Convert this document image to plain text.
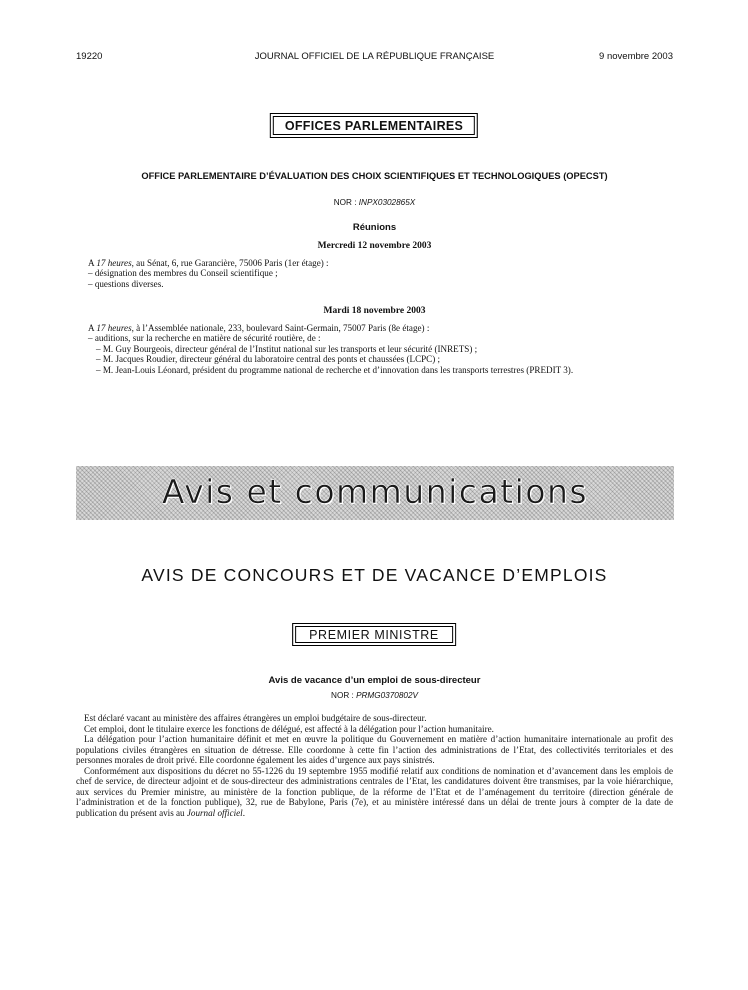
19220	JOURNAL OFFICIEL DE LA RÉPUBLIQUE FRANÇAISE	9 novembre 2003
OFFICES PARLEMENTAIRES
OFFICE PARLEMENTAIRE D’ÉVALUATION DES CHOIX SCIENTIFIQUES ET TECHNOLOGIQUES (OPECST)
NOR : INPX0302865X
Réunions
Mercredi 12 novembre 2003
A 17 heures, au Sénat, 6, rue Garancière, 75006 Paris (1er étage) :
– désignation des membres du Conseil scientifique ;
– questions diverses.
Mardi 18 novembre 2003
A 17 heures, à l’Assemblée nationale, 233, boulevard Saint-Germain, 75007 Paris (8e étage) :
– auditions, sur la recherche en matière de sécurité routière, de :
– M. Guy Bourgeois, directeur général de l’Institut national sur les transports et leur sécurité (INRETS) ;
– M. Jacques Roudier, directeur général du laboratoire central des ponts et chaussées (LCPC) ;
– M. Jean-Louis Léonard, président du programme national de recherche et d’innovation dans les transports terrestres (PREDIT 3).
Avis et communications
AVIS DE CONCOURS ET DE VACANCE D’EMPLOIS
PREMIER MINISTRE
Avis de vacance d’un emploi de sous-directeur
NOR : PRMG0370802V
Est déclaré vacant au ministère des affaires étrangères un emploi budgétaire de sous-directeur.
Cet emploi, dont le titulaire exerce les fonctions de délégué, est affecté à la délégation pour l’action humanitaire.
La délégation pour l’action humanitaire définit et met en œuvre la politique du Gouvernement en matière d’action humanitaire internationale au profit des populations civiles étrangères en situation de détresse. Elle coordonne à cette fin l’action des administrations de l’Etat, des collectivités territoriales et des personnes morales de droit privé. Elle coordonne également les aides d’urgence aux pays sinistrés.
Conformément aux dispositions du décret no 55-1226 du 19 septembre 1955 modifié relatif aux conditions de nomination et d’avancement dans les emplois de chef de service, de directeur adjoint et de sous-directeur des administrations centrales de l’Etat, les candidatures doivent être transmises, par la voie hiérarchique, aux services du Premier ministre, au ministère de la fonction publique, de la réforme de l’Etat et de l’aménagement du territoire (direction générale de l’administration et de la fonction publique), 32, rue de Babylone, Paris (7e), et au ministère intéressé dans un délai de trente jours à compter de la date de publication du présent avis au Journal officiel.
